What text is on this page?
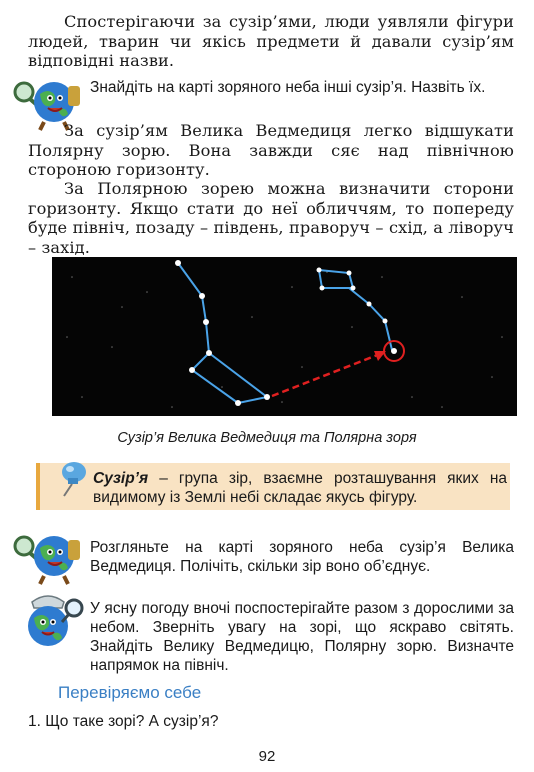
Спостерігаючи за сузір’ями, люди уявляли фігури людей, тварин чи якісь предмети й давали сузір’ям відповідні назви.
Знайдіть на карті зоряного неба інші сузір’я. Назвіть їх.
За сузір’ям Велика Ведмедиця легко відшукати Полярну зорю. Вона завжди сяє над північною стороною горизонту.
За Полярною зорею можна визначити сторони горизонту. Якщо стати до неї обличчям, то попереду буде північ, позаду – південь, праворуч – схід, а ліворуч – захід.
Сузір’я Велика Ведмедиця та Полярна зоря
Сузір’я – група зір, взаємне розташування яких на видимому із Землі небі складає якусь фігуру.
Розгляньте на карті зоряного неба сузір’я Велика Ведмедиця. Полічіть, скільки зір воно об’єднує.
У ясну погоду вночі поспостерігайте разом з дорослими за небом. Зверніть увагу на зорі, що яскраво світять. Знайдіть Велику Ведмедицю, Полярну зорю. Визначте напрямок на північ.
Перевіряємо себе
1. Що таке зорі? А сузір’я?
92
